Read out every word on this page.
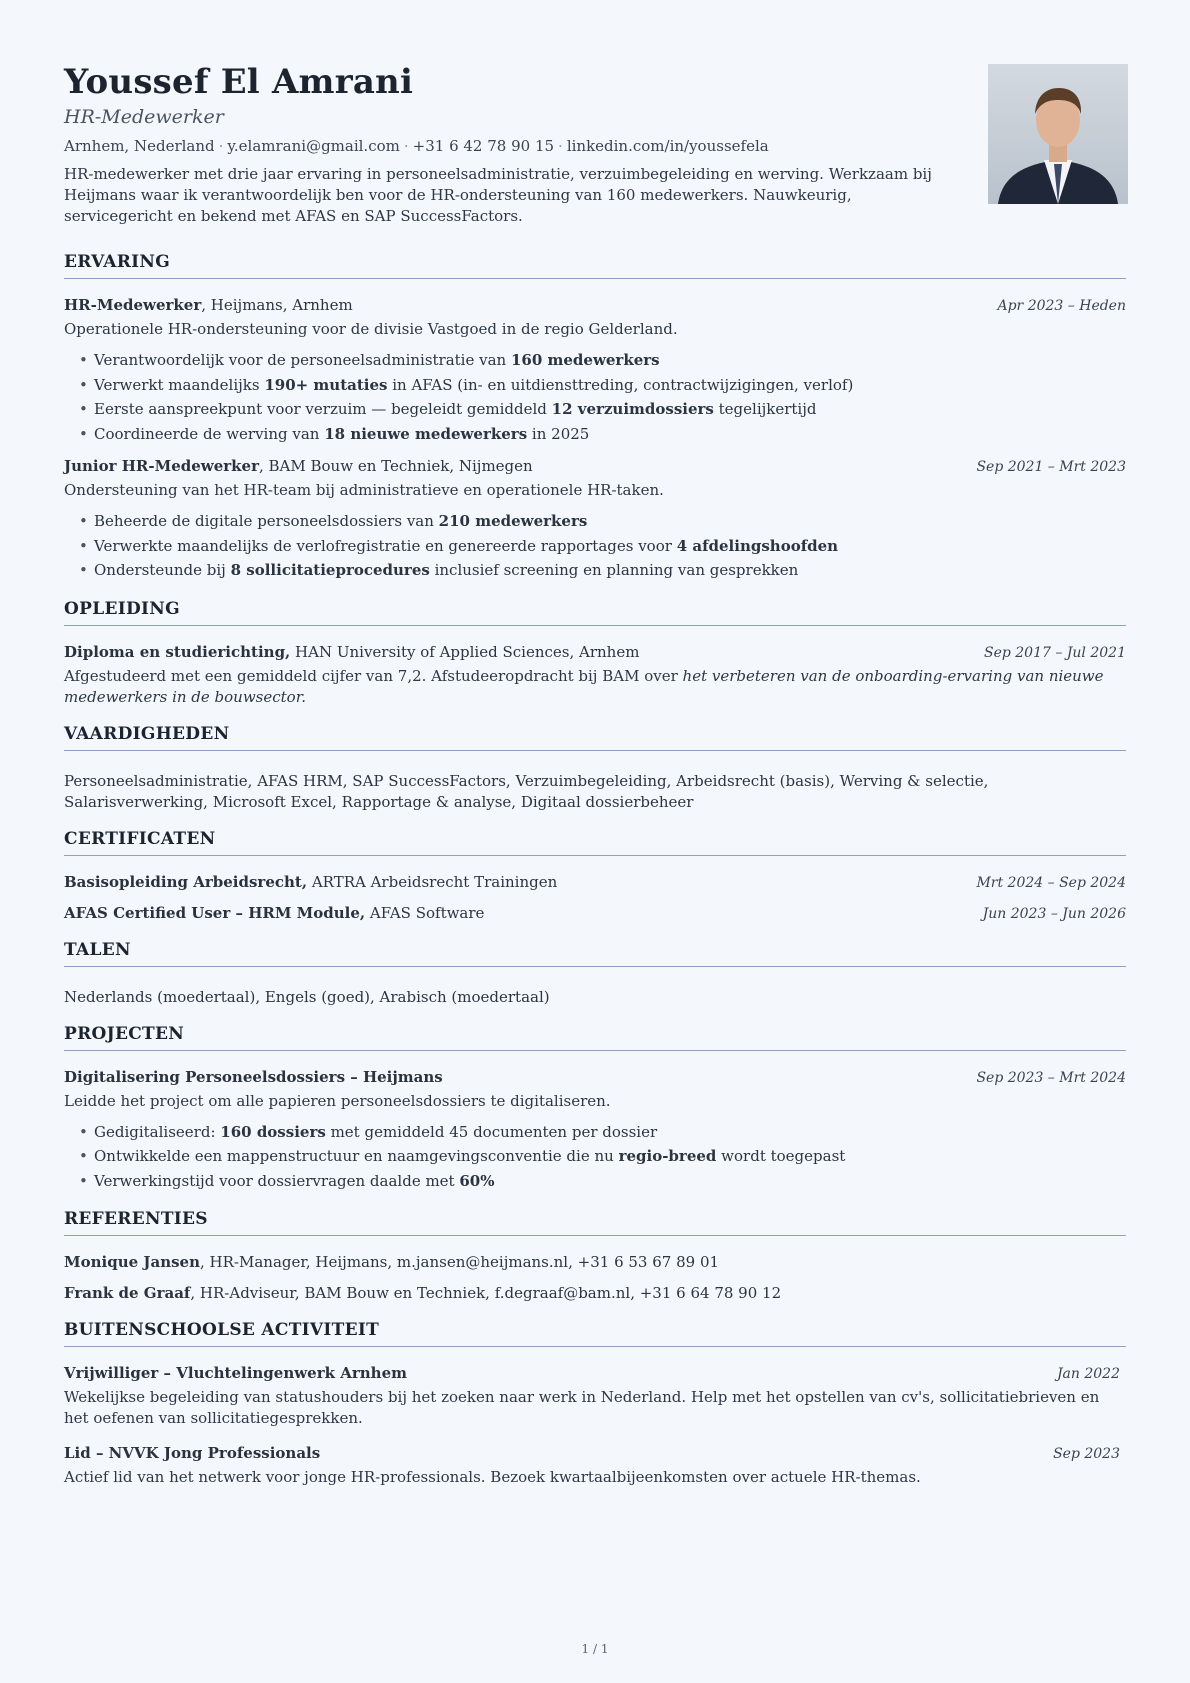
Youssef El Amrani
HR-Medewerker
Arnhem, Nederland · y.elamrani@gmail.com · +31 6 42 78 90 15 · linkedin.com/in/youssefela
HR-medewerker met drie jaar ervaring in personeelsadministratie, verzuimbegeleiding en werving. Werkzaam bij Heijmans waar ik verantwoordelijk ben voor de HR-ondersteuning van 160 medewerkers. Nauwkeurig, servicegericht en bekend met AFAS en SAP SuccessFactors.
ERVARING
HR-Medewerker, Heijmans, Arnhem	Apr 2023 – Heden
Operationele HR-ondersteuning voor de divisie Vastgoed in de regio Gelderland.
• Verantwoordelijk voor de personeelsadministratie van 160 medewerkers
• Verwerkt maandelijks 190+ mutaties in AFAS (in- en uitdiensttreding, contractwijzigingen, verlof)
• Eerste aanspreekpunt voor verzuim — begeleidt gemiddeld 12 verzuimdossiers tegelijkertijd
• Coordineerde de werving van 18 nieuwe medewerkers in 2025
Junior HR-Medewerker, BAM Bouw en Techniek, Nijmegen	Sep 2021 – Mrt 2023
Ondersteuning van het HR-team bij administratieve en operationele HR-taken.
• Beheerde de digitale personeelsdossiers van 210 medewerkers
• Verwerkte maandelijks de verlofregistratie en genereerde rapportages voor 4 afdelingshoofden
• Ondersteunde bij 8 sollicitatieprocedures inclusief screening en planning van gesprekken
OPLEIDING
Diploma en studierichting, HAN University of Applied Sciences, Arnhem	Sep 2017 – Jul 2021
Afgestudeerd met een gemiddeld cijfer van 7,2. Afstudeeropdracht bij BAM over het verbeteren van de onboarding-ervaring van nieuwe medewerkers in de bouwsector.
VAARDIGHEDEN
Personeelsadministratie, AFAS HRM, SAP SuccessFactors, Verzuimbegeleiding, Arbeidsrecht (basis), Werving & selectie, Salarisverwerking, Microsoft Excel, Rapportage & analyse, Digitaal dossierbeheer
CERTIFICATEN
Basisopleiding Arbeidsrecht, ARTRA Arbeidsrecht Trainingen	Mrt 2024 – Sep 2024
AFAS Certified User – HRM Module, AFAS Software	Jun 2023 – Jun 2026
TALEN
Nederlands (moedertaal), Engels (goed), Arabisch (moedertaal)
PROJECTEN
Digitalisering Personeelsdossiers – Heijmans	Sep 2023 – Mrt 2024
Leidde het project om alle papieren personeelsdossiers te digitaliseren.
• Gedigitaliseerd: 160 dossiers met gemiddeld 45 documenten per dossier
• Ontwikkelde een mappenstructuur en naamgevingsconventie die nu regio-breed wordt toegepast
• Verwerkingstijd voor dossiervragen daalde met 60%
REFERENTIES
Monique Jansen, HR-Manager, Heijmans, m.jansen@heijmans.nl, +31 6 53 67 89 01
Frank de Graaf, HR-Adviseur, BAM Bouw en Techniek, f.degraaf@bam.nl, +31 6 64 78 90 12
BUITENSCHOOLSE ACTIVITEIT
Vrijwilliger – Vluchtelingenwerk Arnhem	Jan 2022
Wekelijkse begeleiding van statushouders bij het zoeken naar werk in Nederland. Help met het opstellen van cv's, sollicitatiebrieven en het oefenen van sollicitatiegesprekken.
Lid – NVVK Jong Professionals	Sep 2023
Actief lid van het netwerk voor jonge HR-professionals. Bezoek kwartaalbijeenkomsten over actuele HR-themas.
1 / 1
